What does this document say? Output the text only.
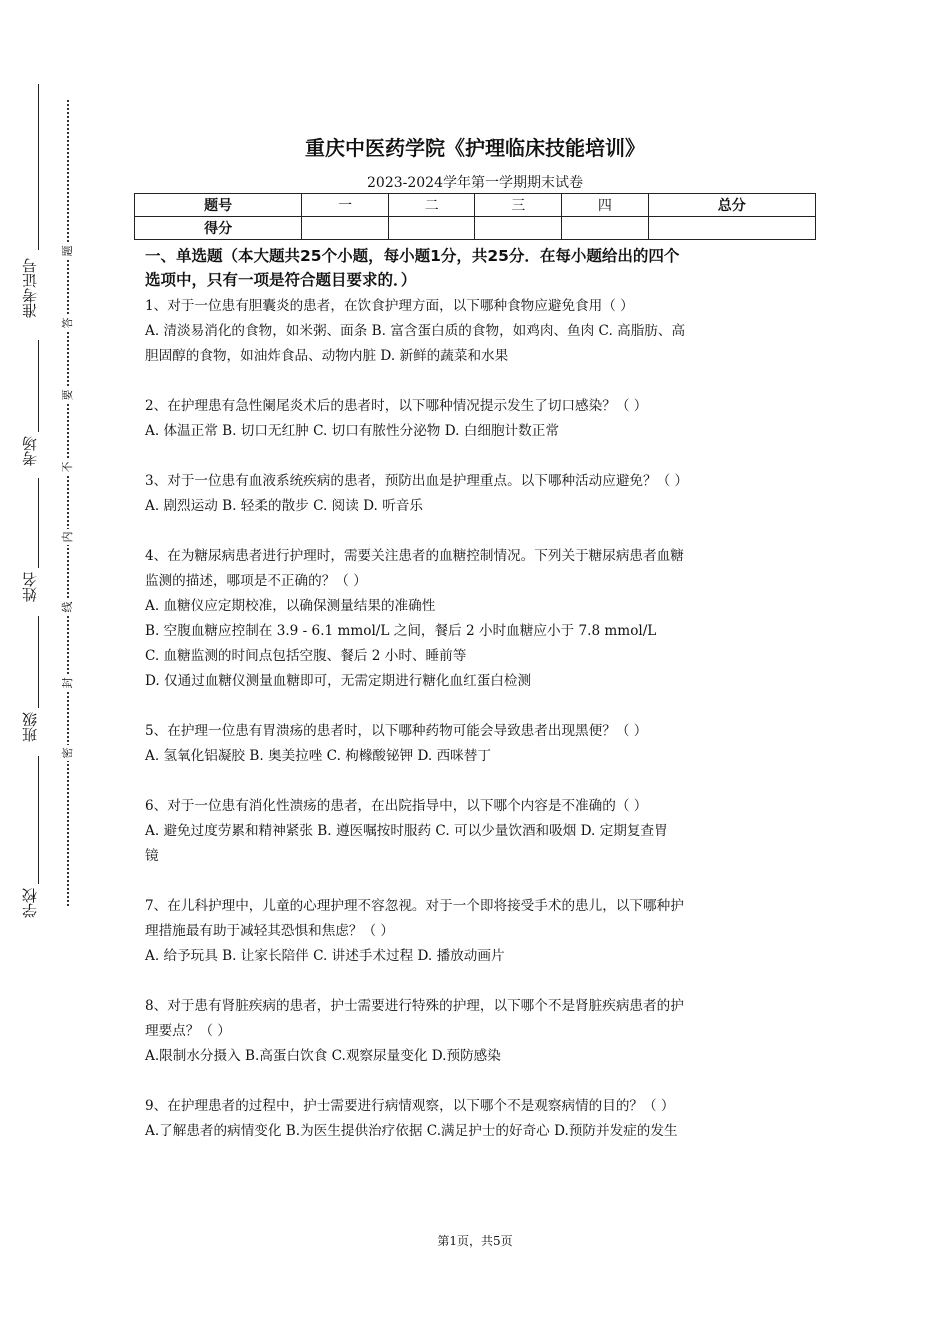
准考证号
考场
姓名
班级
学校
题
答
要
不
内
线
封
密
重庆中医药学院《护理临床技能培训》
2023-2024学年第一学期期末试卷
题号	一	二	三	四	总分
得分					
一、单选题（本大题共25个小题，每小题1分，共25分．在每小题给出的四个
选项中，只有一项是符合题目要求的．）

1、对于一位患有胆囊炎的患者，在饮食护理方面，以下哪种食物应避免食用（ ）

A. 清淡易消化的食物，如米粥、面条 B. 富含蛋白质的食物，如鸡肉、鱼肉 C. 高脂肪、高

胆固醇的食物，如油炸食品、动物内脏 D. 新鲜的蔬菜和水果

2、在护理患有急性阑尾炎术后的患者时，以下哪种情况提示发生了切口感染？（ ）

A. 体温正常 B. 切口无红肿 C. 切口有脓性分泌物 D. 白细胞计数正常

3、对于一位患有血液系统疾病的患者，预防出血是护理重点。以下哪种活动应避免？（ ）

A. 剧烈运动 B. 轻柔的散步 C. 阅读 D. 听音乐

4、在为糖尿病患者进行护理时，需要关注患者的血糖控制情况。下列关于糖尿病患者血糖

监测的描述，哪项是不正确的？（ ）

A. 血糖仪应定期校准，以确保测量结果的准确性

B. 空腹血糖应控制在 3.9 - 6.1 mmol/L 之间，餐后 2 小时血糖应小于 7.8 mmol/L

C. 血糖监测的时间点包括空腹、餐后 2 小时、睡前等

D. 仅通过血糖仪测量血糖即可，无需定期进行糖化血红蛋白检测

5、在护理一位患有胃溃疡的患者时，以下哪种药物可能会导致患者出现黑便？（ ）

A. 氢氧化铝凝胶 B. 奥美拉唑 C. 枸橼酸铋钾 D. 西咪替丁

6、对于一位患有消化性溃疡的患者，在出院指导中，以下哪个内容是不准确的（ ）

A. 避免过度劳累和精神紧张 B. 遵医嘱按时服药 C. 可以少量饮酒和吸烟 D. 定期复查胃

镜

7、在儿科护理中，儿童的心理护理不容忽视。对于一个即将接受手术的患儿，以下哪种护

理措施最有助于减轻其恐惧和焦虑？（ ）

A. 给予玩具 B. 让家长陪伴 C. 讲述手术过程 D. 播放动画片

8、对于患有肾脏疾病的患者，护士需要进行特殊的护理，以下哪个不是肾脏疾病患者的护

理要点？（ ）

A.限制水分摄入 B.高蛋白饮食 C.观察尿量变化 D.预防感染

9、在护理患者的过程中，护士需要进行病情观察，以下哪个不是观察病情的目的？（ ）

A.了解患者的病情变化 B.为医生提供治疗依据 C.满足护士的好奇心 D.预防并发症的发生

第1页，共5页
